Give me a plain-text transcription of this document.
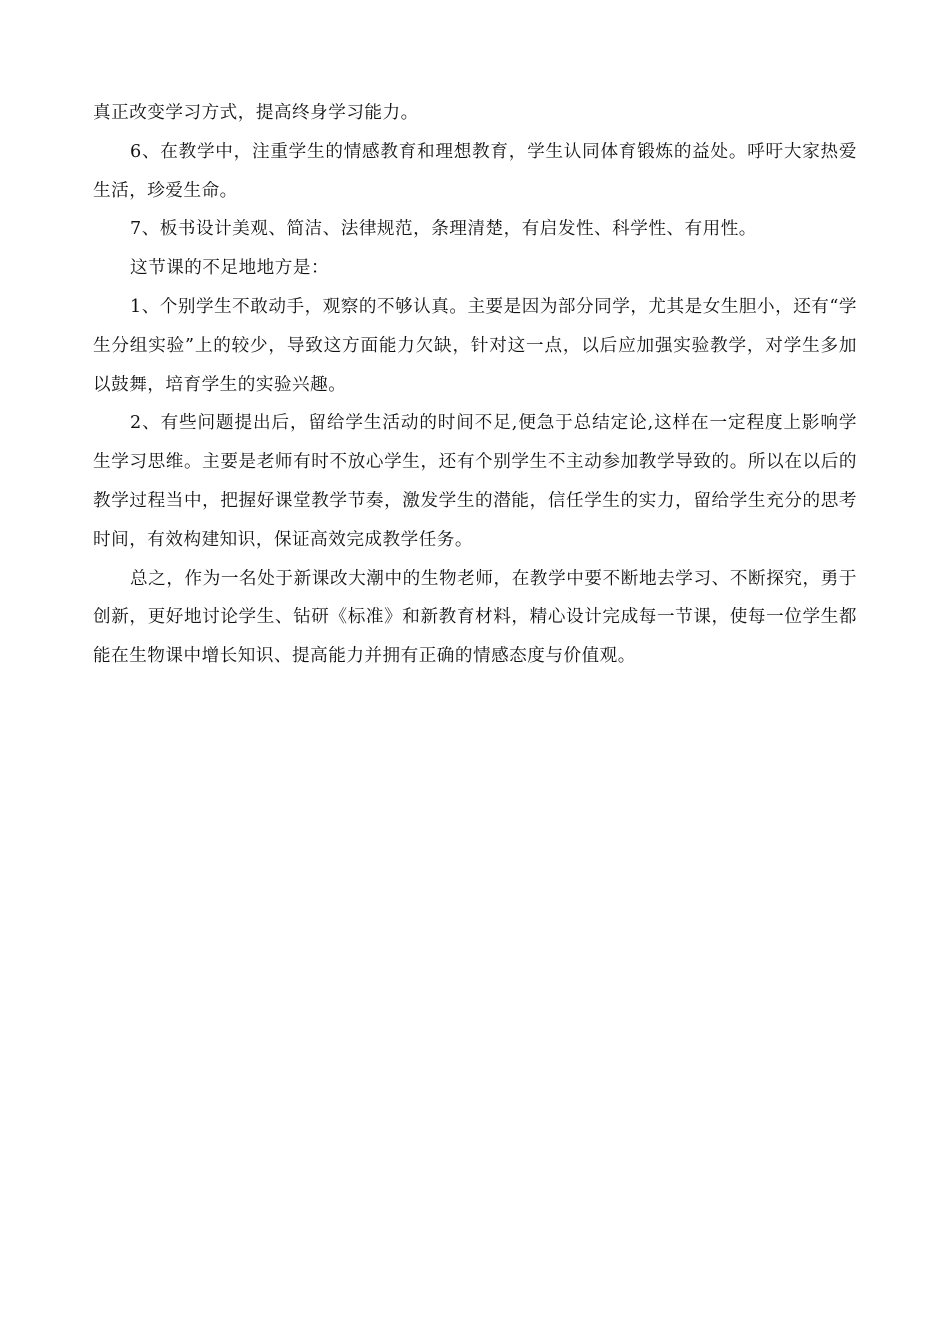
真正改变学习方式，提高终身学习能力。

6、在教学中，注重学生的情感教育和理想教育，学生认同体育锻炼的益处。呼吁大家热爱生活，珍爱生命。

7、板书设计美观、简洁、法律规范，条理清楚，有启发性、科学性、有用性。

这节课的不足地地方是：

1、个别学生不敢动手，观察的不够认真。主要是因为部分同学，尤其是女生胆小，还有“学生分组实验”上的较少，导致这方面能力欠缺，针对这一点，以后应加强实验教学，对学生多加以鼓舞，培育学生的实验兴趣。

2、有些问题提出后，留给学生活动的时间不足,便急于总结定论,这样在一定程度上影响学生学习思维。主要是老师有时不放心学生，还有个别学生不主动参加教学导致的。所以在以后的教学过程当中，把握好课堂教学节奏，激发学生的潜能，信任学生的实力，留给学生充分的思考时间，有效构建知识，保证高效完成教学任务。

总之，作为一名处于新课改大潮中的生物老师，在教学中要不断地去学习、不断探究，勇于创新，更好地讨论学生、钻研《标准》和新教育材料，精心设计完成每一节课，使每一位学生都能在生物课中增长知识、提高能力并拥有正确的情感态度与价值观。
